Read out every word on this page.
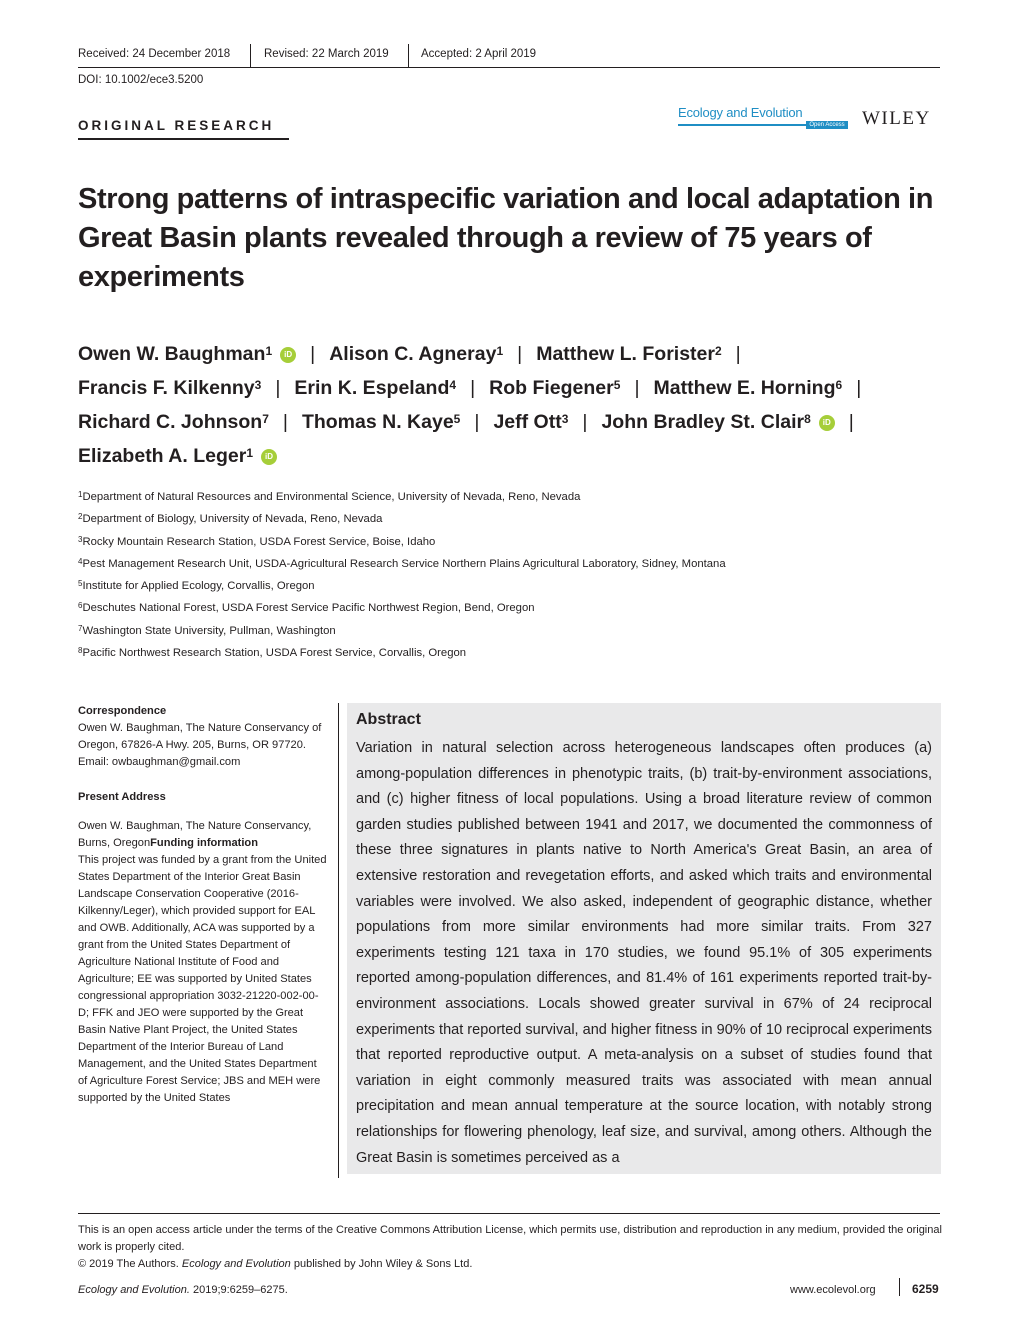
Received: 24 December 2018	Revised: 22 March 2019	Accepted: 2 April 2019
DOI: 10.1002/ece3.5200
ORIGINAL RESEARCH
Ecology and Evolution
Open Access WILEY
Strong patterns of intraspecific variation and local adaptation in Great Basin plants revealed through a review of 75 years of experiments
Owen W. Baughman$^1$ iD | Alison C. Agneray$^1$ | Matthew L. Forister$^2$ |
Francis F. Kilkenny$^3$ | Erin K. Espeland$^4$ | Rob Fiegener$^5$ | Matthew E. Horning$^6$ |
Richard C. Johnson$^7$ | Thomas N. Kaye$^5$ | Jeff Ott$^3$ | John Bradley St. Clair$^8$ iD |
Elizabeth A. Leger$^1$ iD
$^1$Department of Natural Resources and Environmental Science, University of Nevada, Reno, Nevada
$^2$Department of Biology, University of Nevada, Reno, Nevada
$^3$Rocky Mountain Research Station, USDA Forest Service, Boise, Idaho
$^4$Pest Management Research Unit, USDA-Agricultural Research Service Northern Plains Agricultural Laboratory, Sidney, Montana
$^5$Institute for Applied Ecology, Corvallis, Oregon
$^6$Deschutes National Forest, USDA Forest Service Pacific Northwest Region, Bend, Oregon
$^7$Washington State University, Pullman, Washington
$^8$Pacific Northwest Research Station, USDA Forest Service, Corvallis, Oregon
Correspondence
Owen W. Baughman, The Nature Conservancy of Oregon, 67826-A Hwy. 205, Burns, OR 97720.
Email: owbaughman@gmail.com
Present Address
Owen W. Baughman, The Nature Conservancy, Burns, OregonFunding information
This project was funded by a grant from the United States Department of the Interior Great Basin Landscape Conservation Cooperative (2016-Kilkenny/Leger), which provided support for EAL and OWB. Additionally, ACA was supported by a grant from the United States Department of Agriculture National Institute of Food and Agriculture; EE was supported by United States congressional appropriation 3032-21220-002-00-D; FFK and JEO were supported by the Great Basin Native Plant Project, the United States Department of the Interior Bureau of Land Management, and the United States Department of Agriculture Forest Service; JBS and MEH were supported by the United States
Abstract
Variation in natural selection across heterogeneous landscapes often produces (a) among-population differences in phenotypic traits, (b) trait-by-environment associations, and (c) higher fitness of local populations. Using a broad literature review of common garden studies published between 1941 and 2017, we documented the commonness of these three signatures in plants native to North America's Great Basin, an area of extensive restoration and revegetation efforts, and asked which traits and environmental variables were involved. We also asked, independent of geographic distance, whether populations from more similar environments had more similar traits. From 327 experiments testing 121 taxa in 170 studies, we found 95.1% of 305 experiments reported among-population differences, and 81.4% of 161 experiments reported trait-by-environment associations. Locals showed greater survival in 67% of 24 reciprocal experiments that reported survival, and higher fitness in 90% of 10 reciprocal experiments that reported reproductive output. A meta-analysis on a subset of studies found that variation in eight commonly measured traits was associated with mean annual precipitation and mean annual temperature at the source location, with notably strong relationships for flowering phenology, leaf size, and survival, among others. Although the Great Basin is sometimes perceived as a
This is an open access article under the terms of the Creative Commons Attribution License, which permits use, distribution and reproduction in any medium, provided the original work is properly cited.
© 2019 The Authors. Ecology and Evolution published by John Wiley & Sons Ltd.
Ecology and Evolution. 2019;9:6259–6275.	www.ecolevol.org	6259
